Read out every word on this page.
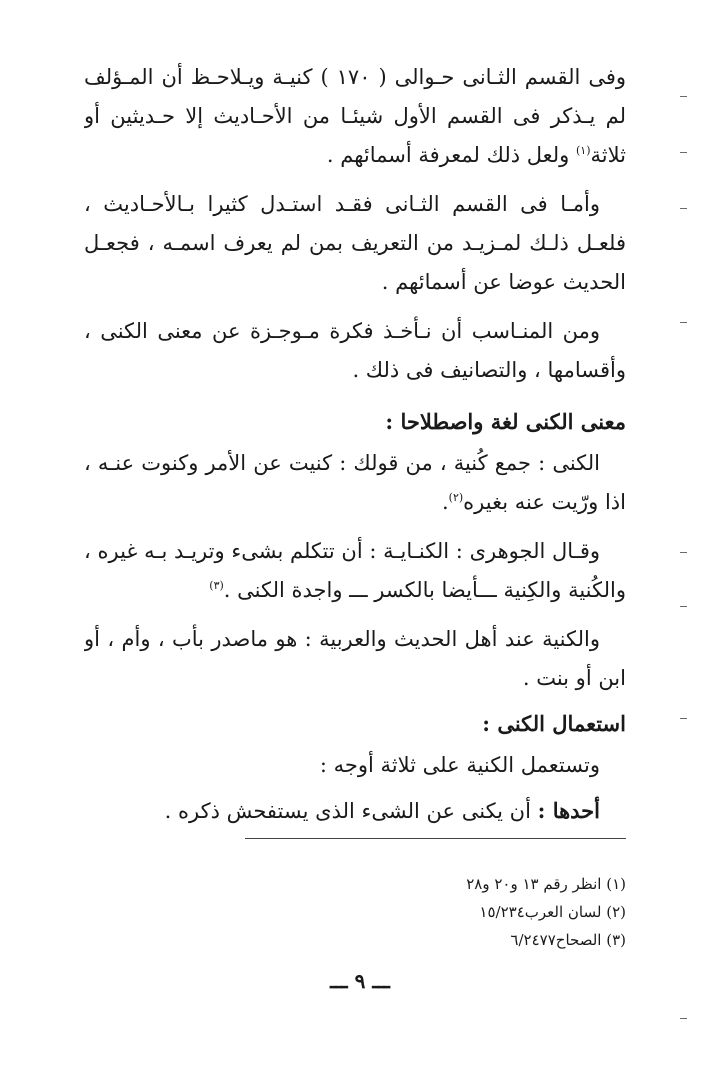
وفى القسم الثـانى حـوالى ( ١٧٠ ) كنيـة ويـلاحـظ أن المـؤلف
لم يـذكر فى القسم الأول شيئـا من الأحـاديث إلا حـديثين أو
ثلاثة$^{(١)}$ ولعل ذلك لمعرفة أسمائهم .
وأمـا فى القسم الثـانى فقـد استـدل كثيرا بـالأحـاديث ،
فلعـل ذلـك لمـزيـد من التعريف بمن لم يعرف اسمـه ، فجعـل
الحديث عوضا عن أسمائهم .
ومن المنـاسب أن نـأخـذ فكرة مـوجـزة عن معنى الكنى ،
وأقسامها ، والتصانيف فى ذلك .
معنى الكنى لغة واصطلاحا :
الكنى : جمع كُنية ، من قولك : كنيت عن الأمر وكنوت عنـه ،
اذا ورّيت عنه بغيره$^{(٢)}$.
وقـال الجوهرى : الكنـايـة : أن تتكلم بشىء وتريـد بـه غيره ،
والكُنية والكِنية ـــأيضا بالكسر ـــ واجدة الكنى .$^{(٣)}$
والكنية عند أهل الحديث والعربية : هو ماصدر بأب ، وأم ، أو
ابن أو بنت .
استعمال الكنى :
وتستعمل الكنية على ثلاثة أوجه :
أحدها : أن يكنى عن الشىء الذى يستفحش ذكره .
(١) انظر رقم ١٣ و٢٠ و٢٨
(٢) لسان العرب١٥/٢٣٤
(٣) الصحاح٦/٢٤٧٧
ـــ ٩ ـــ
